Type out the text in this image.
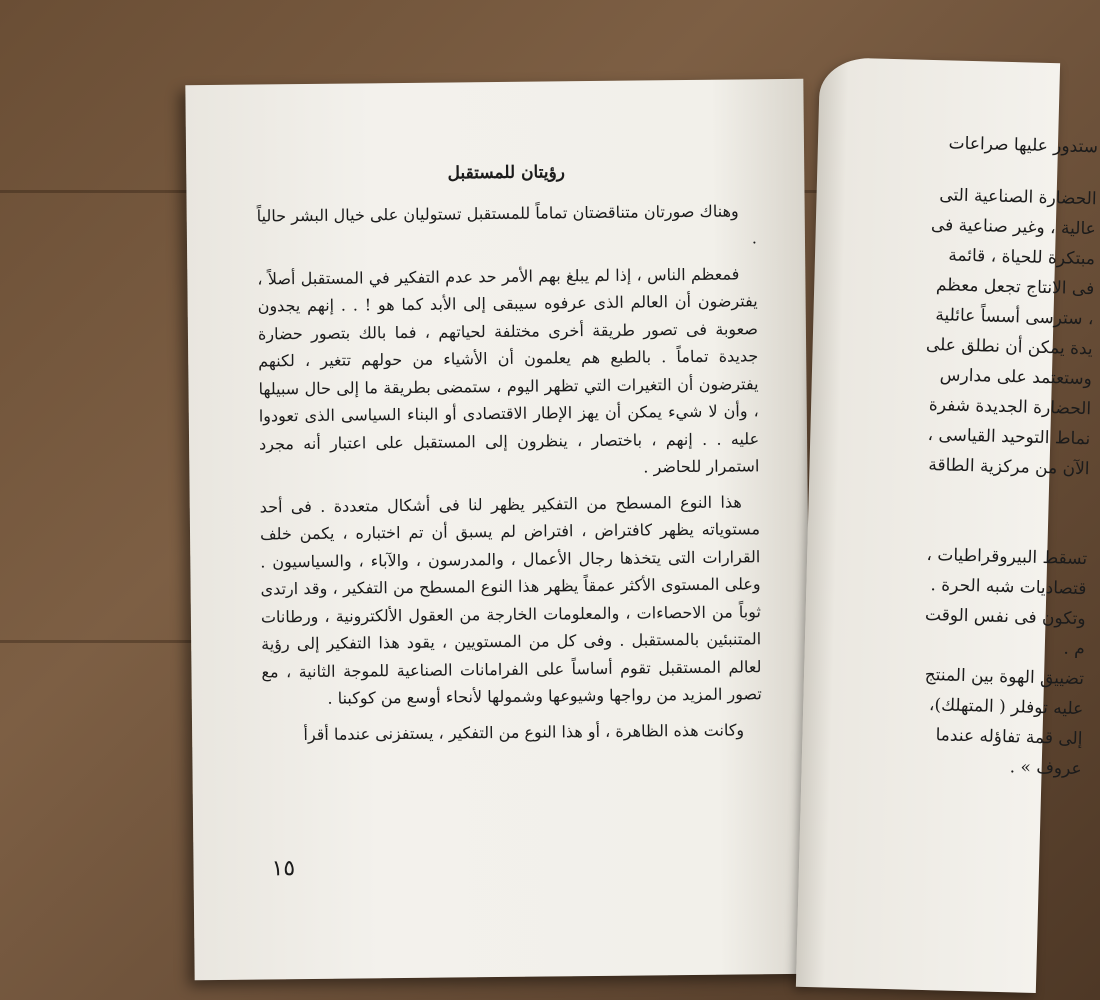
رؤيتان للمستقبل

وهناك صورتان متناقضتان تماماً للمستقبل تستوليان على خيال البشر حالياً .

فمعظم الناس ، إذا لم يبلغ بهم الأمر حد عدم التفكير في المستقبل أصلاً ، يفترضون أن العالم الذى عرفوه سيبقى إلى الأبد كما هو ! . . إنهم يجدون صعوبة فى تصور طريقة أخرى مختلفة لحياتهم ، فما بالك بتصور حضارة جديدة تماماً . بالطبع هم يعلمون أن الأشياء من حولهم تتغير ، لكنهم يفترضون أن التغيرات التي تظهر اليوم ، ستمضى بطريقة ما إلى حال سبيلها ، وأن لا شيء يمكن أن يهز الإطار الاقتصادى أو البناء السياسى الذى تعودوا عليه . . إنهم ، باختصار ، ينظرون إلى المستقبل على اعتبار أنه مجرد استمرار للحاضر .

هذا النوع المسطح من التفكير يظهر لنا فى أشكال متعددة . فى أحد مستوياته يظهر كافتراض ، افتراض لم يسبق أن تم اختباره ، يكمن خلف القرارات التى يتخذها رجال الأعمال ، والمدرسون ، والآباء ، والسياسيون . وعلى المستوى الأكثر عمقاً يظهر هذا النوع المسطح من التفكير ، وقد ارتدى ثوباً من الاحصاءات ، والمعلومات الخارجة من العقول الألكترونية ، ورطانات المتنبئين بالمستقبل . وفى كل من المستويين ، يقود هذا التفكير إلى رؤية لعالم المستقبل تقوم أساساً على الفرامانات الصناعية للموجة الثانية ، مع تصور المزيد من رواجها وشيوعها وشمولها لأنحاء أوسع من كوكبنا .

وكانت هذه الظاهرة ، أو هذا النوع من التفكير ، يستفزنى عندما أقرأ

١٥
ستدور عليها صراعات
الحضارة الصناعية التى
عالية ، وغير صناعية فى
مبتكرة للحياة ، قائمة
فى الانتاج تجعل معظم
، سترسى أسساً عائلية
يدة يمكن أن نطلق على
وستعتمد على مدارس
الحضارة الجديدة شفرة
نماط التوحيد القياسى ،
الآن من مركزية الطاقة
تسقط البيروقراطيات ،
قتصاديات شبه الحرة .
وتكون فى نفس الوقت
م .
تضييق الهوة بين المنتج
عليه توفلر ( المتهلك)،
إلى قمة تفاؤله عندما
عروف » .
